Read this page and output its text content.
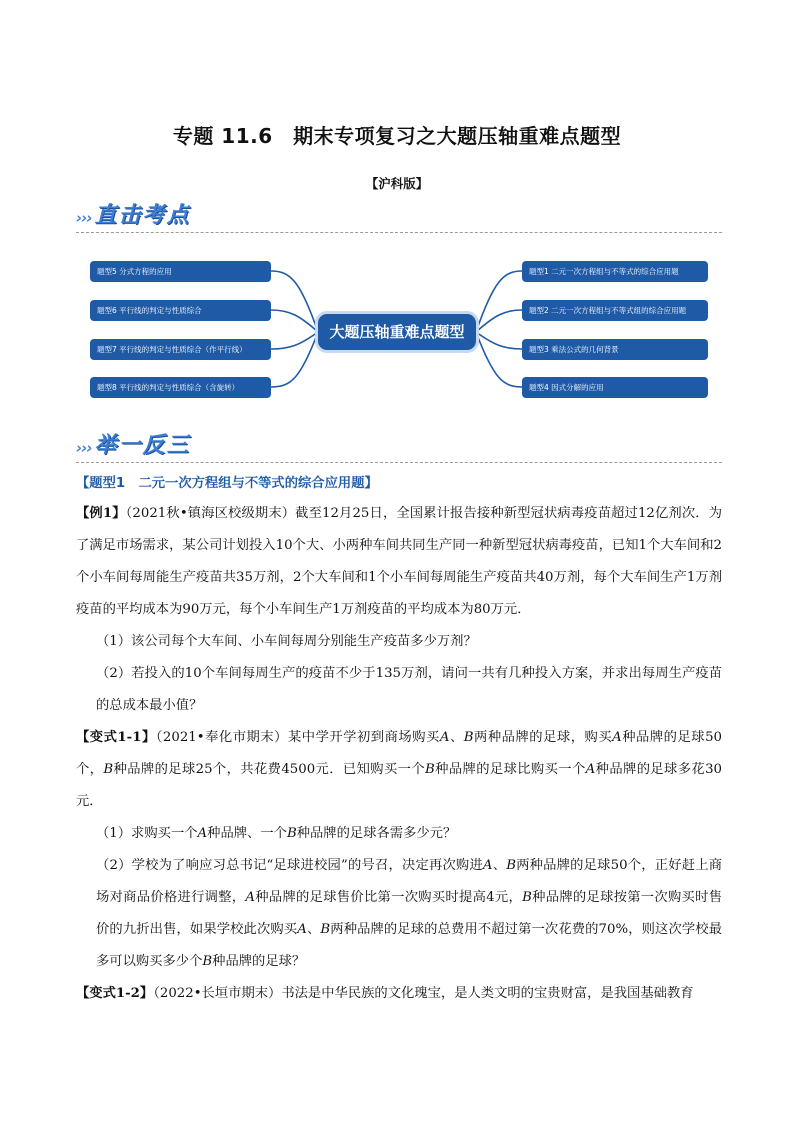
专题 11.6　期末专项复习之大题压轴重难点题型
【沪科版】
››› 直击考点
题型5 分式方程的应用
题型6 平行线的判定与性质综合
题型7 平行线的判定与性质综合（作平行线）
题型8 平行线的判定与性质综合（含旋转）
大题压轴重难点题型
题型1 二元一次方程组与不等式的综合应用题
题型2 二元一次方程组与不等式组的综合应用题
题型3 乘法公式的几何背景
题型4 因式分解的应用
››› 举一反三

【题型1　二元一次方程组与不等式的综合应用题】

【例1】（2021秋•镇海区校级期末）截至12月25日，全国累计报告接种新型冠状病毒疫苗超过12亿剂次．为了满足市场需求，某公司计划投入10个大、小两种车间共同生产同一种新型冠状病毒疫苗，已知1个大车间和2个小车间每周能生产疫苗共35万剂，2个大车间和1个小车间每周能生产疫苗共40万剂，每个大车间生产1万剂疫苗的平均成本为90万元，每个小车间生产1万剂疫苗的平均成本为80万元．

（1）该公司每个大车间、小车间每周分别能生产疫苗多少万剂？

（2）若投入的10个车间每周生产的疫苗不少于135万剂，请问一共有几种投入方案，并求出每周生产疫苗的总成本最小值？

【变式1-1】（2021•奉化市期末）某中学开学初到商场购买A、B两种品牌的足球，购买A种品牌的足球50个，B种品牌的足球25个，共花费4500元．已知购买一个B种品牌的足球比购买一个A种品牌的足球多花30元．

（1）求购买一个A种品牌、一个B种品牌的足球各需多少元？

（2）学校为了响应习总书记“足球进校园”的号召，决定再次购进A、B两种品牌的足球50个，正好赶上商场对商品价格进行调整，A种品牌的足球售价比第一次购买时提高4元，B种品牌的足球按第一次购买时售价的九折出售，如果学校此次购买A、B两种品牌的足球的总费用不超过第一次花费的70%，则这次学校最多可以购买多少个B种品牌的足球？

【变式1-2】（2022•长垣市期末）书法是中华民族的文化瑰宝，是人类文明的宝贵财富，是我国基础教育
